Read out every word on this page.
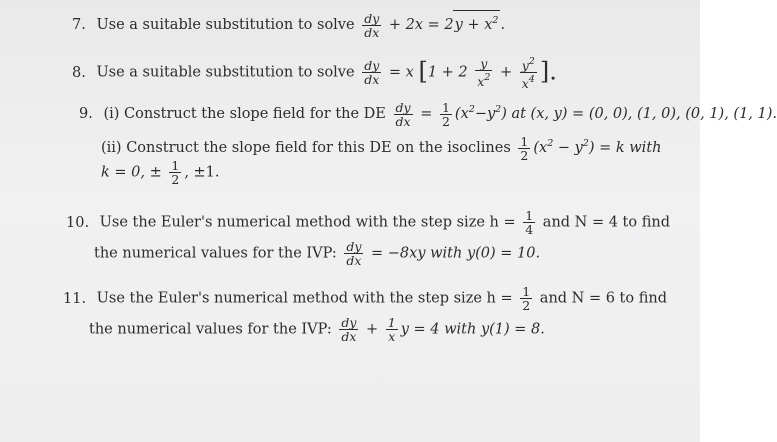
7. Use a suitable substitution to solve $\frac{dy}{dx} + 2x = 2y + x^2$ .
8. Use a suitable substitution to solve $\frac{dy}{dx} = x$ [$1 + 2 \frac{y}{x^2} + \frac{y^2}{x^4}$ ].
9. (i) Construct the slope field for the DE $\frac{dy}{dx} = \frac{1}{2} (x^2-y^2)$ at (x, y) = (0, 0), (1, 0), (0, 1), (1, 1).
(ii) Construct the slope field for this DE on the isoclines $\frac{1}{2} (x^2 - y^2) = k$ with
k = 0, ± $\frac{1}{2}$ , ±1.
10. Use the Euler's numerical method with the step size $h = \frac{1}{4}$ and N = 4 to find
the numerical values for the IVP: $\frac{dy}{dx} = -8xy$ with y(0) = 10.
11. Use the Euler's numerical method with the step size $h = \frac{1}{2}$ and N = 6 to find
the numerical values for the IVP: $\frac{dy}{dx} + \frac{1}{x}$ y = 4 with y(1) = 8.
